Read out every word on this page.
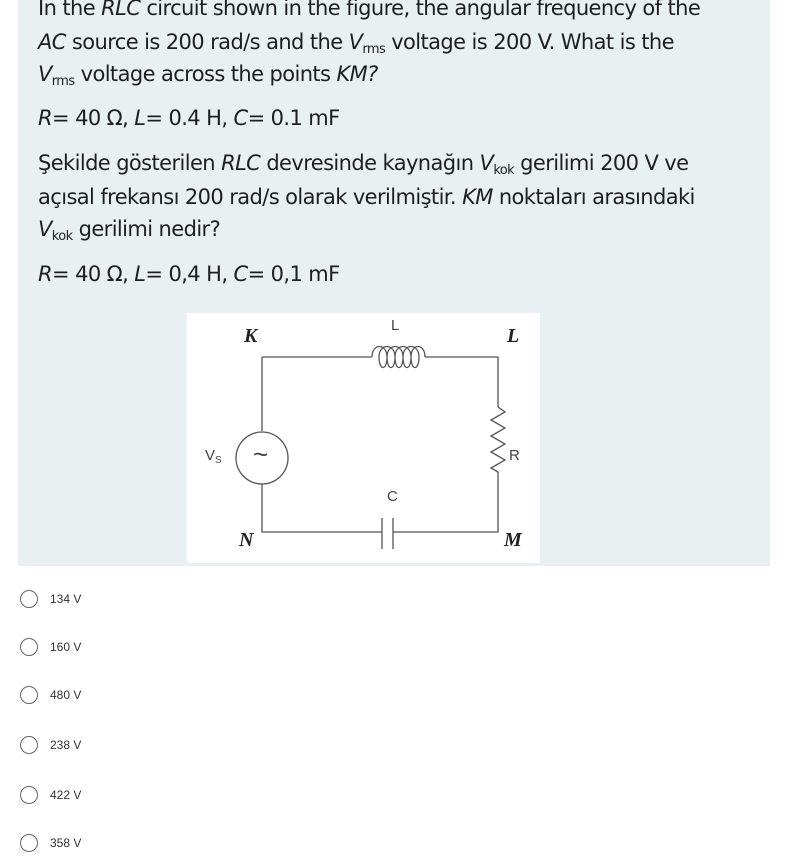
In the RLC circuit shown in the figure, the angular frequency of the
AC source is 200 rad/s and the $V_{rms}$ voltage is 200 V. What is the
$V_{rms}$ voltage across the points KM?
R= 40 Ω, L= 0.4 H, C= 0.1 mF
Şekilde gösterilen RLC devresinde kaynağın $V_{kok}$ gerilimi 200 V ve
açısal frekansı 200 rad/s olarak verilmiştir. KM noktaları arasındaki
$V_{kok}$ gerilimi nedir?
R= 40 Ω, L= 0,4 H, C= 0,1 mF
K	L
N	M
L
R
C
$V_S$ ~
134 V
160 V
480 V
238 V
422 V
358 V
